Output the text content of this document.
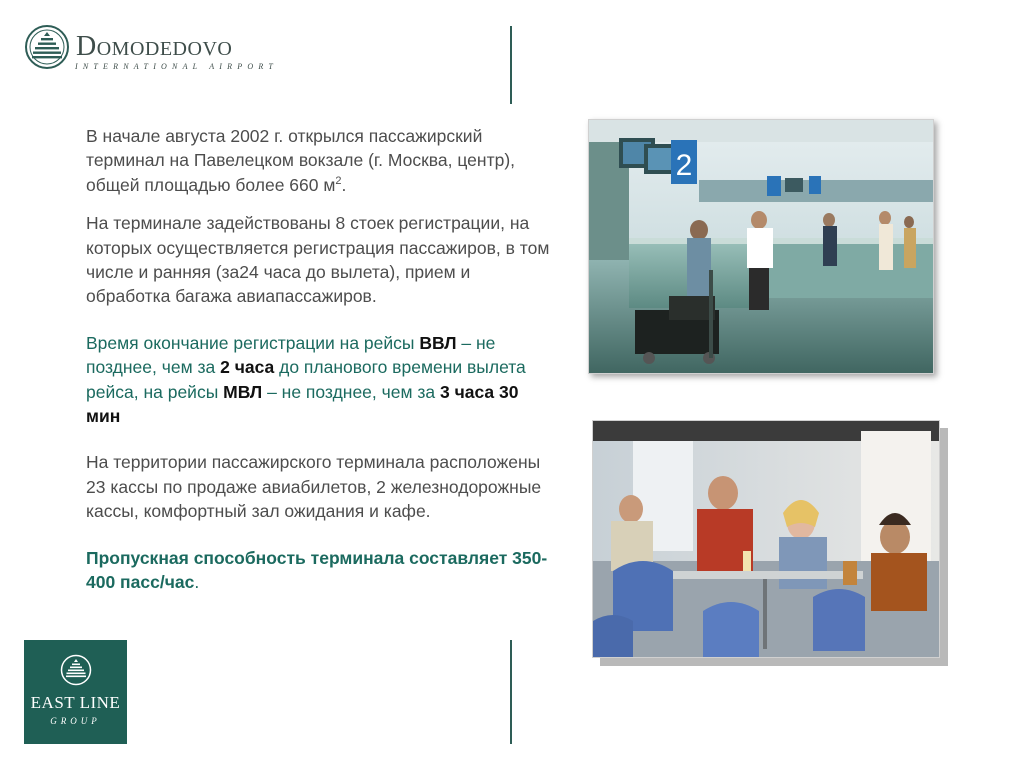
Domodedovo
INTERNATIONAL AIRPORT

В начале августа 2002 г. открылся пассажирский терминал на Павелецком вокзале (г. Москва, центр), общей площадью более 660 $м^2$.

На терминале задействованы 8 стоек регистрации, на которых осуществляется регистрация пассажиров, в том числе и ранняя (за24 часа до вылета), прием и обработка багажа авиапассажиров.

Время окончание регистрации на рейсы ВВЛ – не позднее, чем за 2 часа до планового времени вылета рейса, на рейсы МВЛ – не позднее, чем за 3 часа 30 мин

На территории пассажирского терминала расположены 23 кассы по продаже авиабилетов, 2 железнодорожные кассы, комфортный зал ожидания и кафе.

Пропускная способность терминала составляет 350-400 пасс/час.

2
EAST LINE
GROUP
